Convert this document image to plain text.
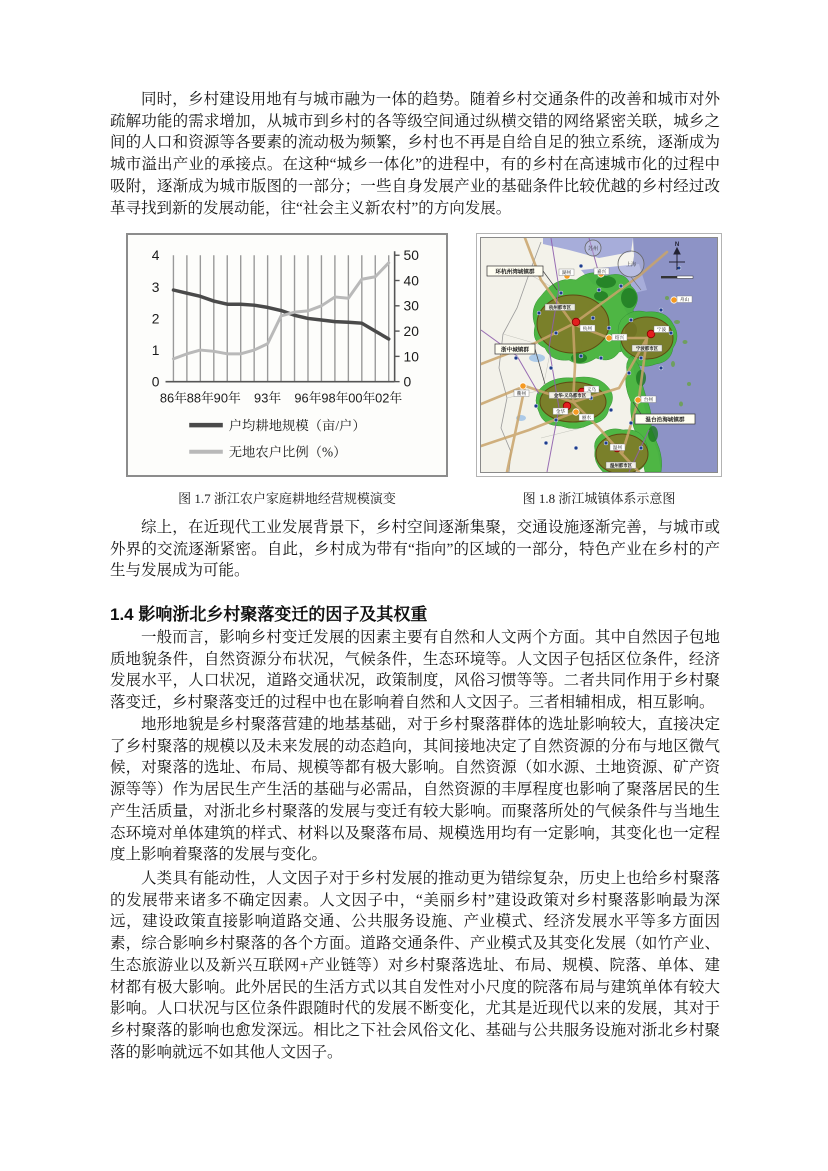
同时，乡村建设用地有与城市融为一体的趋势。随着乡村交通条件的改善和城市对外疏解功能的需求增加，从城市到乡村的各等级空间通过纵横交错的网络紧密关联，城乡之间的人口和资源等各要素的流动极为频繁，乡村也不再是自给自足的独立系统，逐渐成为城市溢出产业的承接点。在这种“城乡一体化”的进程中，有的乡村在高速城市化的过程中吸附，逐渐成为城市版图的一部分；一些自身发展产业的基础条件比较优越的乡村经过改革寻找到新的发展动能，往“社会主义新农村”的方向发展。

0
1
2
3
4
0
10
20
30
40
50
86年 88年 90年 93年 96年 98年 00年 02年
户均耕地规模（亩/户）
无地农户比例（%）
杭州	宁波
温州
嘉兴
湖州
绍兴
舟山
台州
衢州
丽水
金华
义乌
杭州都市区
宁波都市区
金华-义乌都市区
温州都市区
环杭州湾城镇群
浙中城镇群
温台沿海城镇群
上海
苏州
N
图 1.7 浙江农户家庭耕地经营规模演变	图 1.8 浙江城镇体系示意图

综上，在近现代工业发展背景下，乡村空间逐渐集聚，交通设施逐渐完善，与城市或外界的交流逐渐紧密。自此，乡村成为带有“指向”的区域的一部分，特色产业在乡村的产生与发展成为可能。

1.4 影响浙北乡村聚落变迁的因子及其权重

一般而言，影响乡村变迁发展的因素主要有自然和人文两个方面。其中自然因子包地质地貌条件，自然资源分布状况，气候条件，生态环境等。人文因子包括区位条件，经济发展水平，人口状况，道路交通状况，政策制度，风俗习惯等等。二者共同作用于乡村聚落变迁，乡村聚落变迁的过程中也在影响着自然和人文因子。三者相辅相成，相互影响。

地形地貌是乡村聚落营建的地基基础，对于乡村聚落群体的选址影响较大，直接决定了乡村聚落的规模以及未来发展的动态趋向，其间接地决定了自然资源的分布与地区微气候，对聚落的选址、布局、规模等都有极大影响。自然资源（如水源、土地资源、矿产资源等等）作为居民生产生活的基础与必需品，自然资源的丰厚程度也影响了聚落居民的生产生活质量，对浙北乡村聚落的发展与变迁有较大影响。而聚落所处的气候条件与当地生态环境对单体建筑的样式、材料以及聚落布局、规模选用均有一定影响，其变化也一定程度上影响着聚落的发展与变化。

人类具有能动性，人文因子对于乡村发展的推动更为错综复杂，历史上也给乡村聚落的发展带来诸多不确定因素。人文因子中，“美丽乡村”建设政策对乡村聚落影响最为深远，建设政策直接影响道路交通、公共服务设施、产业模式、经济发展水平等多方面因素，综合影响乡村聚落的各个方面。道路交通条件、产业模式及其变化发展（如竹产业、生态旅游业以及新兴互联网+产业链等）对乡村聚落选址、布局、规模、院落、单体、建材都有极大影响。此外居民的生活方式以其自发性对小尺度的院落布局与建筑单体有较大影响。人口状况与区位条件跟随时代的发展不断变化，尤其是近现代以来的发展，其对于乡村聚落的影响也愈发深远。相比之下社会风俗文化、基础与公共服务设施对浙北乡村聚落的影响就远不如其他人文因子。
